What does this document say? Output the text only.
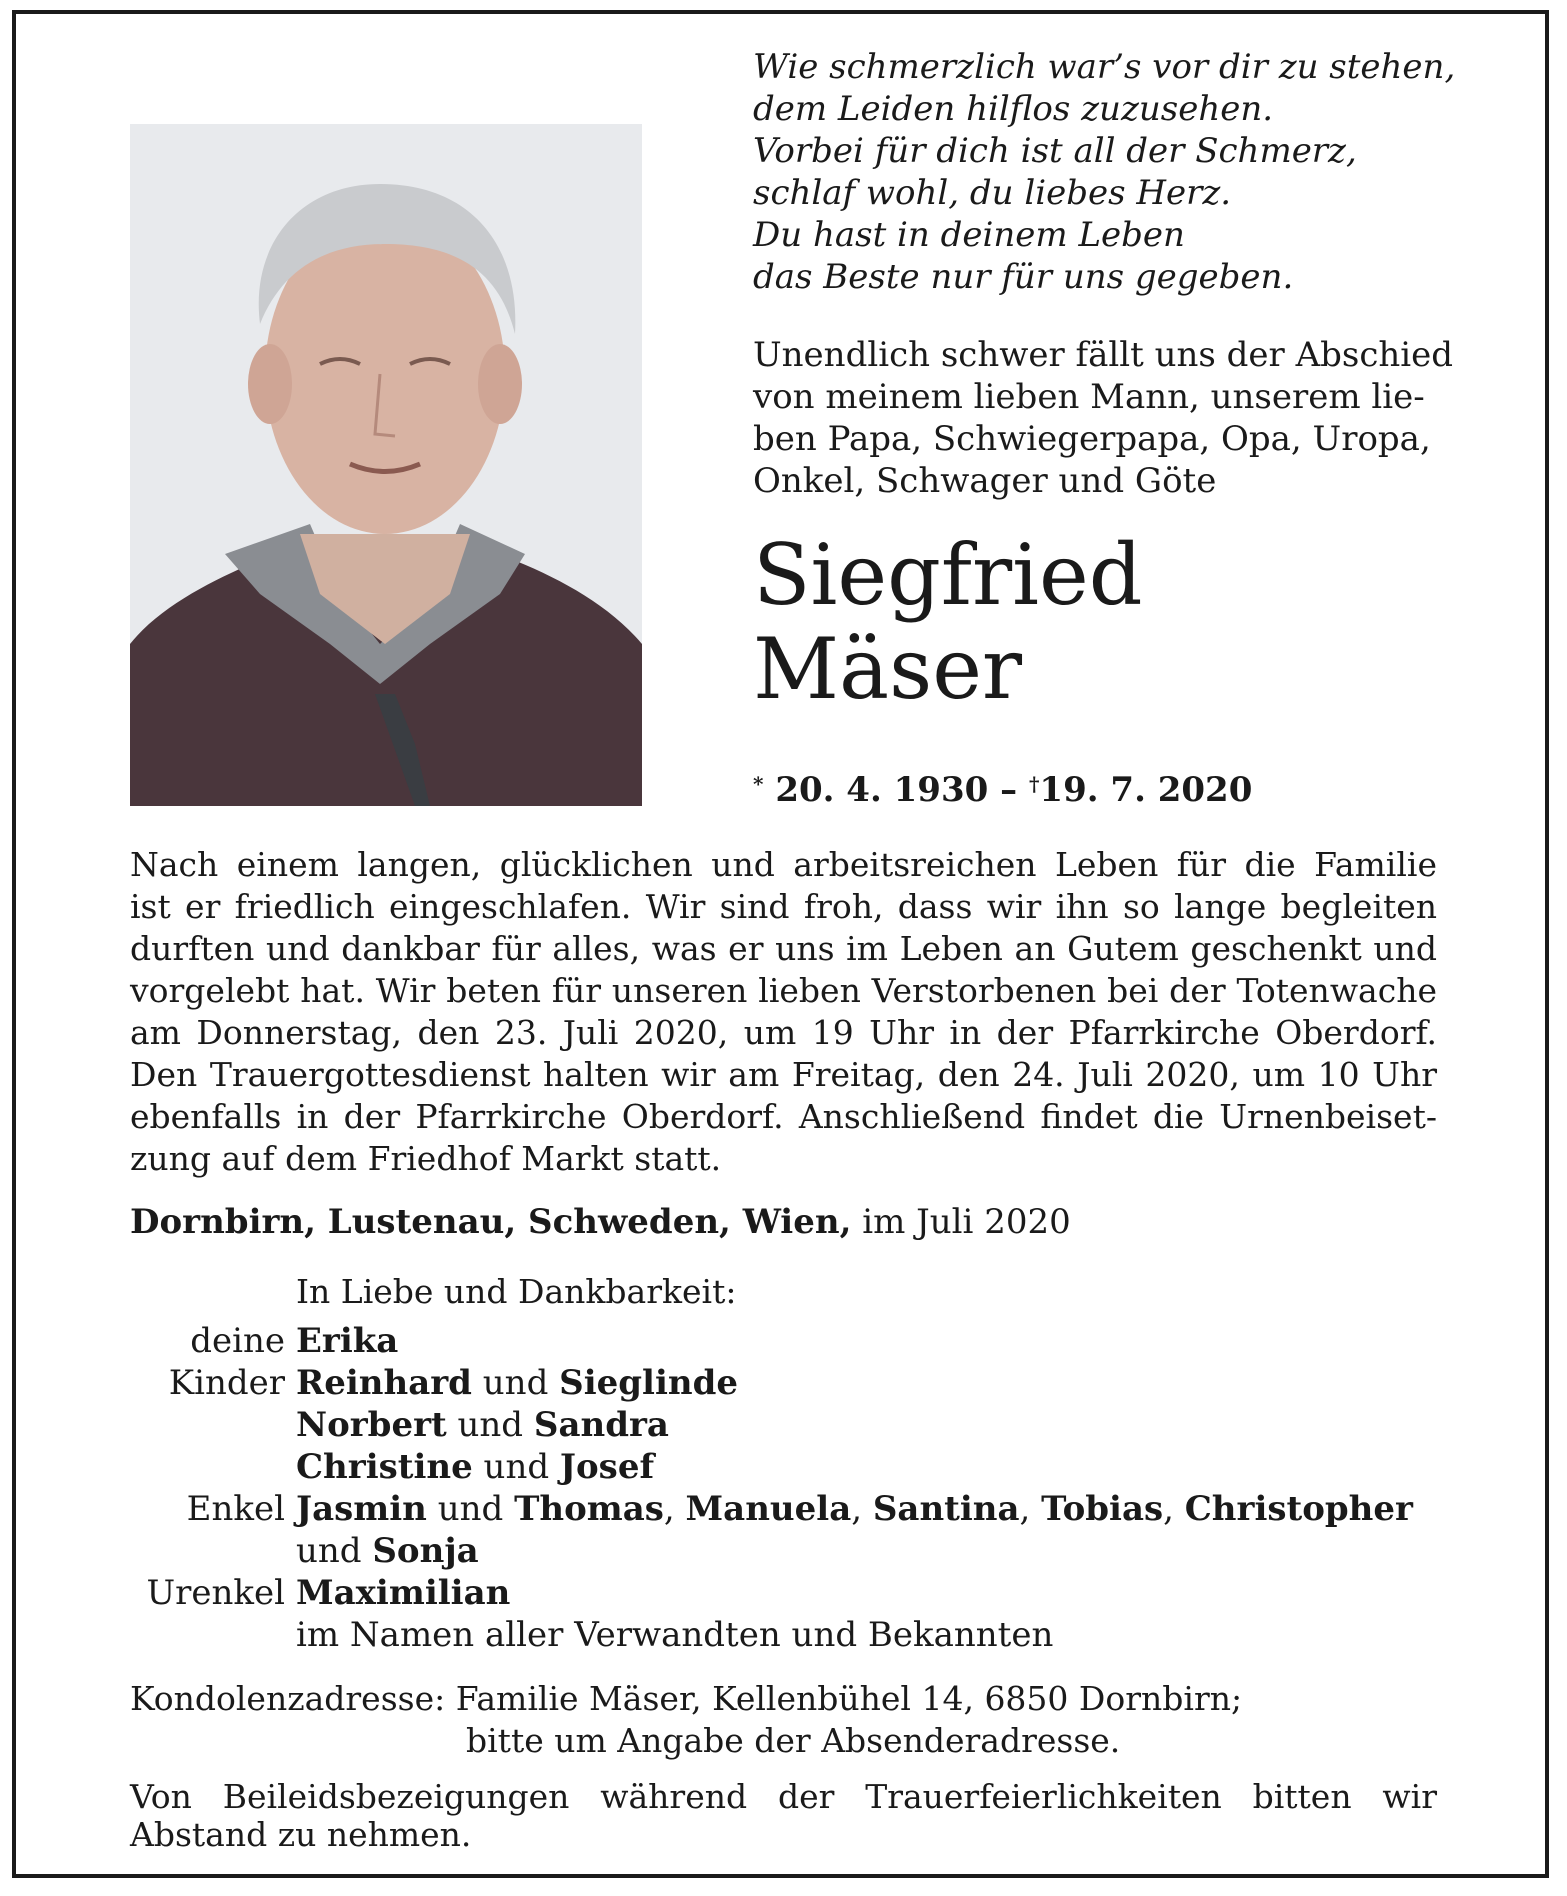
Wie schmerzlich war’s vor dir zu stehen,
dem Leiden hilflos zuzusehen.
Vorbei für dich ist all der Schmerz,
schlaf wohl, du liebes Herz.
Du hast in deinem Leben
das Beste nur für uns gegeben.
Unendlich schwer fällt uns der Abschied
von meinem lieben Mann, unserem lie-
ben Papa, Schwiegerpapa, Opa, Uropa,
Onkel, Schwager und Göte
Siegfried
Mäser
* 20. 4. 1930 – †19. 7. 2020
Nach einem langen, glücklichen und arbeitsreichen Leben für die Familie
ist er friedlich eingeschlafen. Wir sind froh, dass wir ihn so lange begleiten
durften und dankbar für alles, was er uns im Leben an Gutem geschenkt und
vorgelebt hat. Wir beten für unseren lieben Verstorbenen bei der Totenwache
am Donnerstag, den 23. Juli 2020, um 19 Uhr in der Pfarrkirche Oberdorf.
Den Trauergottesdienst halten wir am Freitag, den 24. Juli 2020, um 10 Uhr
ebenfalls in der Pfarrkirche Oberdorf. Anschließend findet die Urnenbeiset-
zung auf dem Friedhof Markt statt.
Dornbirn, Lustenau, Schweden, Wien, im Juli 2020
In Liebe und Dankbarkeit:
deine Erika
Kinder Reinhard und Sieglinde
Norbert und Sandra
Christine und Josef
Enkel Jasmin und Thomas, Manuela, Santina, Tobias, Christopher
und Sonja
Urenkel Maximilian
im Namen aller Verwandten und Bekannten
Kondolenzadresse: Familie Mäser, Kellenbühel 14, 6850 Dornbirn;
bitte um Angabe der Absenderadresse.
Von Beileidsbezeigungen während der Trauerfeierlichkeiten bitten wir
Abstand zu nehmen.
